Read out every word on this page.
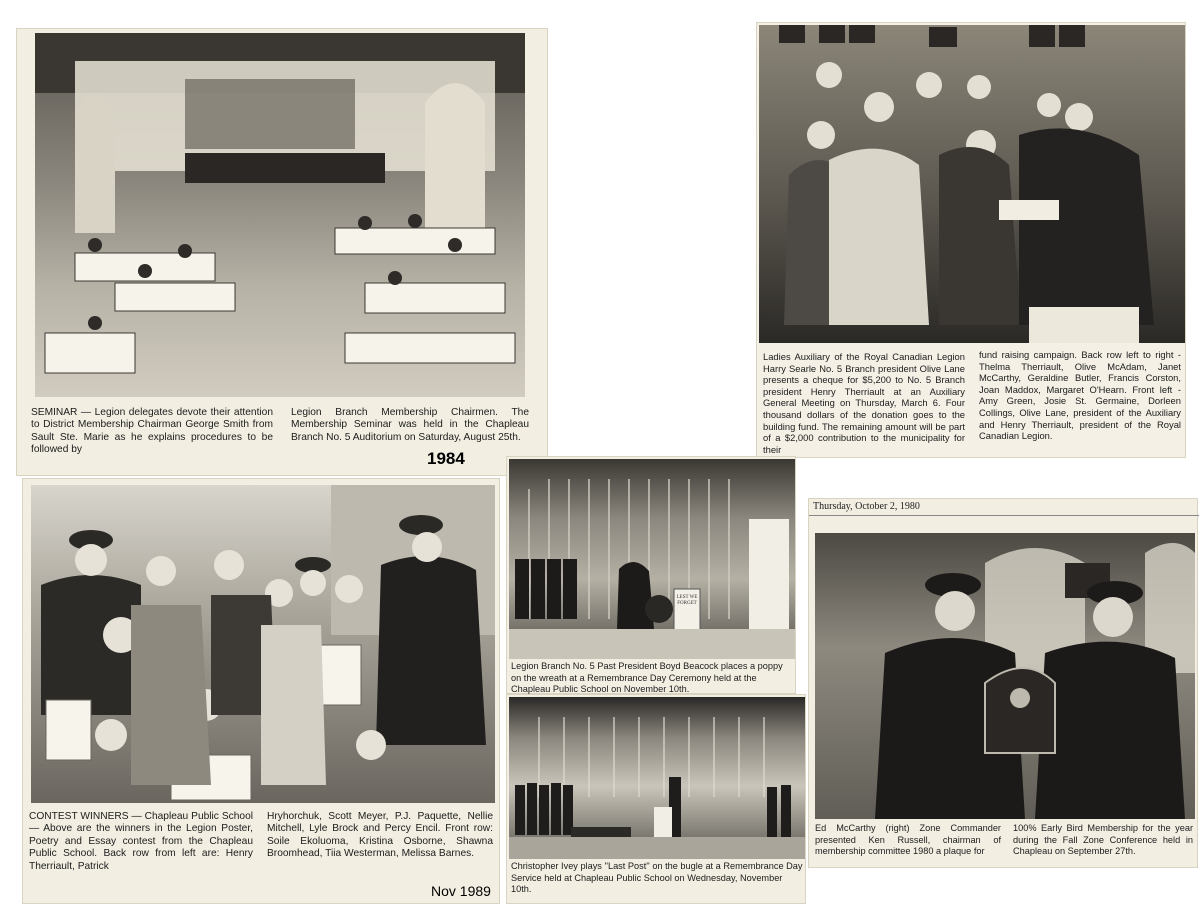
SEMINAR — Legion delegates devote their attention to District Membership Chairman George Smith from Sault Ste. Marie as he explains procedures to be followed by
Legion Branch Membership Chairmen. The Membership Seminar was held in the Chapleau Branch No. 5 Auditorium on Saturday, August 25th.
1984
Ladies Auxiliary of the Royal Canadian Legion Harry Searle No. 5 Branch president Olive Lane presents a cheque for $5,200 to No. 5 Branch president Henry Therriault at an Auxiliary General Meeting on Thursday, March 6. Four thousand dollars of the donation goes to the building fund. The remaining amount will be part of a $2,000 contribution to the municipality for their
fund raising campaign. Back row left to right - Thelma Therriault, Olive McAdam, Janet McCarthy, Geraldine Butler, Francis Corston, Joan Maddox, Margaret O'Hearn. Front left - Amy Green, Josie St. Germaine, Dorleen Collings, Olive Lane, president of the Auxiliary and Henry Therriault, president of the Royal Canadian Legion.
CONTEST WINNERS — Chapleau Public School — Above are the winners in the Legion Poster, Poetry and Essay contest from the Chapleau Public School. Back row from left are: Henry Therriault, Patrick
Hryhorchuk, Scott Meyer, P.J. Paquette, Nellie Mitchell, Lyle Brock and Percy Encil. Front row: Soile Ekoluoma, Kristina Osborne, Shawna Broomhead, Tiia Westerman, Melissa Barnes.
Nov 1989
LEST WE FORGET
Legion Branch No. 5 Past President Boyd Beacock places a poppy on the wreath at a Remembrance Day Ceremony held at the Chapleau Public School on November 10th.
Christopher Ivey plays ''Last Post'' on the bugle at a Remembrance Day Service held at Chapleau Public School on Wednesday, November 10th.
Thursday, October 2, 1980
Ed McCarthy (right) Zone Commander presented Ken Russell, chairman of membership committee 1980 a plaque for
100% Early Bird Membership for the year during the Fall Zone Conference held in Chapleau on September 27th.
